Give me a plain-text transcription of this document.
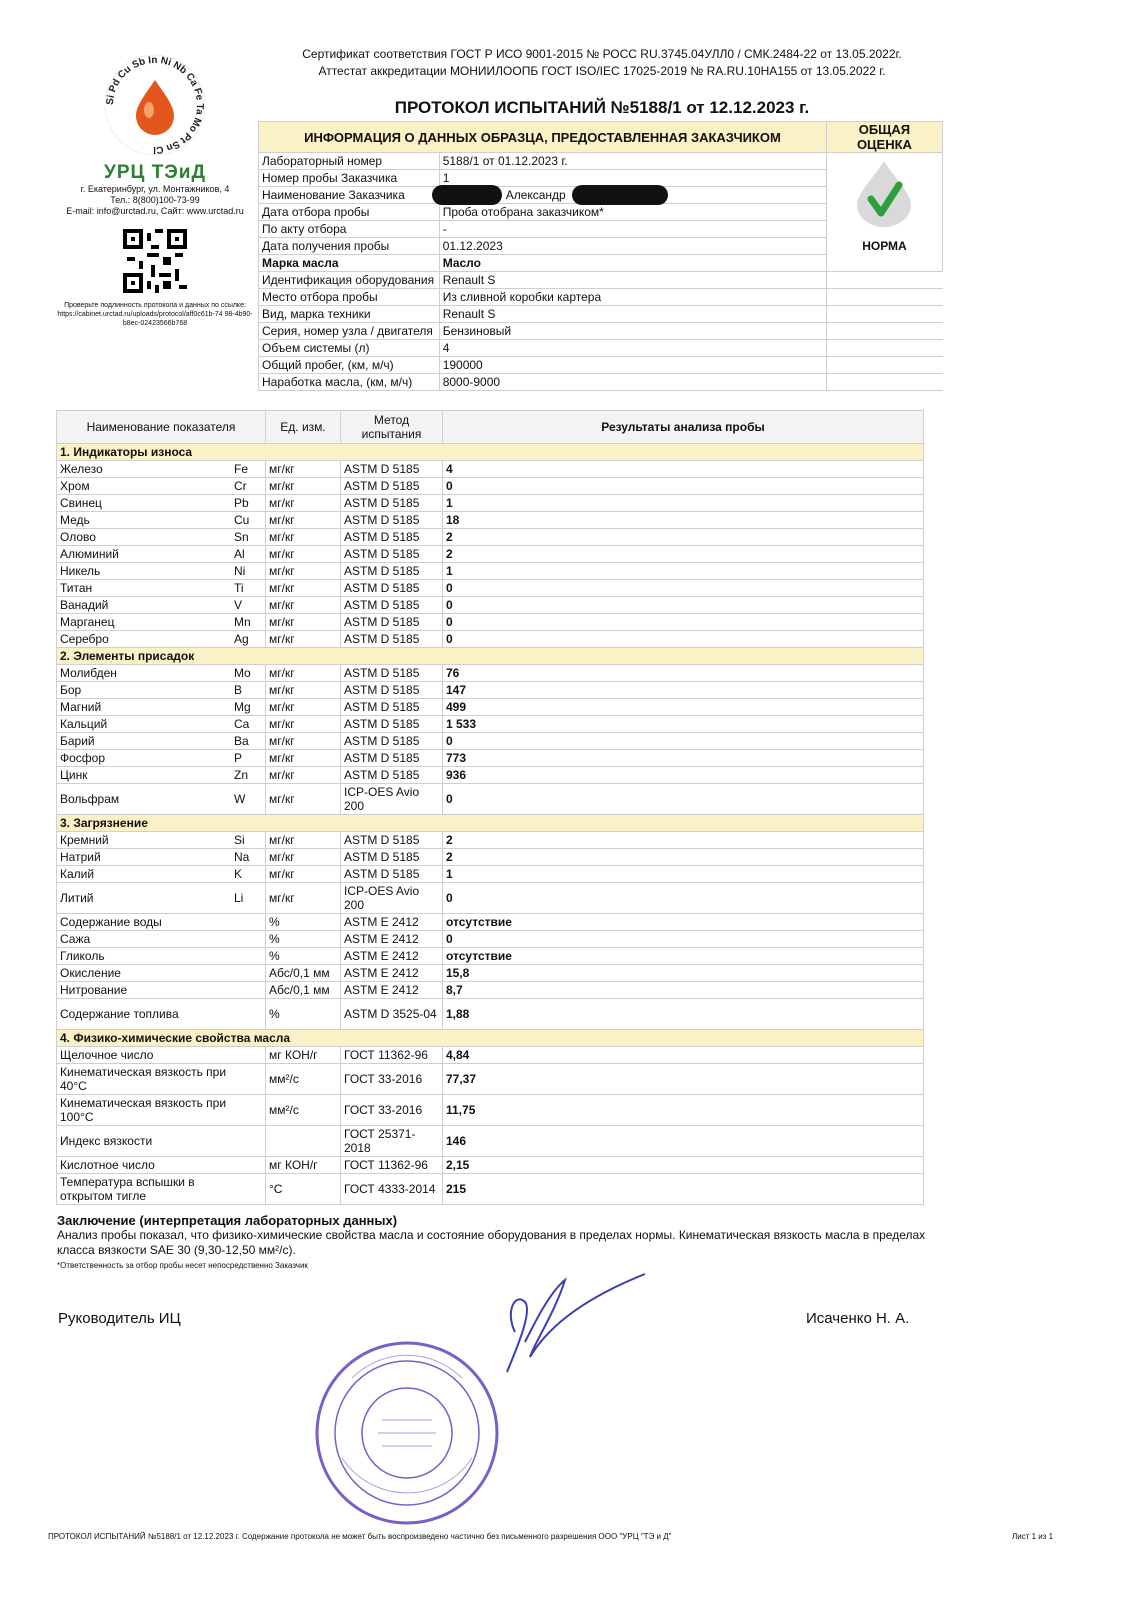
Si Pd Cu Sb In Ni Nb Ca Fe Ta Mo Pt Sn Cl
УРЦ ТЭиД
г. Екатеринбург, ул. Монтажников, 4
Тел.: 8(800)100-73-99
E-mail: info@urctad.ru, Сайт: www.urctad.ru
Проверьте подлинность протокола и данных по ссылке:
https://cabinet.urctad.ru/uploads/protocol/aff0c61b-74 98-4b90-b8ec-02423566b768
Сертификат соответствия ГОСТ Р ИСО 9001-2015 № РОСС RU.3745.04УЛЛ0 / СМК.2484-22 от 13.05.2022г.
Аттестат аккредитации МОНИИЛООПБ ГОСТ ISO/IEC 17025-2019 № RA.RU.10НА155 от 13.05.2022 г.
ПРОТОКОЛ ИСПЫТАНИЙ №5188/1 от 12.12.2023 г.
ИНФОРМАЦИЯ О ДАННЫХ ОБРАЗЦА, ПРЕДОСТАВЛЕННАЯ ЗАКАЗЧИКОМ		ОБЩАЯ ОЦЕНКА
Лабораторный номер	5188/1 от 01.12.2023 г.	НОРМА

Номер пробы Заказчика	1	
Наименование Заказчика	Александр	

Дата отбора пробы	Проба отобрана заказчиком*	
По акту отбора	-	
Дата получения пробы	01.12.2023	
Марка масла	Масло	
Идентификация оборудования	Renault S	
Место отбора пробы	Из сливной коробки картера	
Вид, марка техники	Renault S	
Серия, номер узла / двигателя	Бензиновый	
Объем системы (л)	4	
Общий пробег, (км, м/ч)	190000	
Наработка масла, (км, м/ч)	8000-9000	
Наименование показателя		Ед. изм.	Метод испытания	Результаты анализа пробы
1. Индикаторы износа				
Железо	Fe	мг/кг	ASTM D 5185	4
Хром	Cr	мг/кг	ASTM D 5185	0
Свинец	Pb	мг/кг	ASTM D 5185	1
Медь	Cu	мг/кг	ASTM D 5185	18
Олово	Sn	мг/кг	ASTM D 5185	2
Алюминий	Al	мг/кг	ASTM D 5185	2
Никель	Ni	мг/кг	ASTM D 5185	1
Титан	Ti	мг/кг	ASTM D 5185	0
Ванадий	V	мг/кг	ASTM D 5185	0
Марганец	Mn	мг/кг	ASTM D 5185	0
Серебро	Ag	мг/кг	ASTM D 5185	0
2. Элементы присадок				
Молибден	Mo	мг/кг	ASTM D 5185	76
Бор	B	мг/кг	ASTM D 5185	147
Магний	Mg	мг/кг	ASTM D 5185	499
Кальций	Ca	мг/кг	ASTM D 5185	1 533
Барий	Ba	мг/кг	ASTM D 5185	0
Фосфор	P	мг/кг	ASTM D 5185	773
Цинк	Zn	мг/кг	ASTM D 5185	936
Вольфрам	W	мг/кг	ICP-OES Avio 200	0
3. Загрязнение				
Кремний	Si	мг/кг	ASTM D 5185	2
Натрий	Na	мг/кг	ASTM D 5185	2
Калий	K	мг/кг	ASTM D 5185	1
Литий	Li	мг/кг	ICP-OES Avio 200	0
Содержание воды		%	ASTM E 2412	отсутствие
Сажа		%	ASTM E 2412	0
Гликоль		%	ASTM E 2412	отсутствие
Окисление		Абс/0,1 мм	ASTM E 2412	15,8
Нитрование		Абс/0,1 мм	ASTM E 2412	8,7
Содержание топлива		%	ASTM D 3525-04	1,88
4. Физико-химические свойства масла				
Щелочное число		мг КОН/г	ГОСТ 11362-96	4,84
Кинематическая вязкость при 40°С		мм²/с	ГОСТ 33-2016	77,37
Кинематическая вязкость при 100°С		мм²/с	ГОСТ 33-2016	11,75
Индекс вязкости			ГОСТ 25371-2018	146
Кислотное число		мг КОН/г	ГОСТ 11362-96	2,15
Температура вспышки в открытом тигле		°С	ГОСТ 4333-2014	215
Заключение (интерпретация лабораторных данных)
Анализ пробы показал, что физико-химические свойства масла и состояние оборудования в пределах нормы. Кинематическая вязкость масла в пределах класса вязкости SAE 30 (9,30-12,50 мм²/с).
*Ответственность за отбор пробы несет непосредственно Заказчик
Руководитель ИЦ	Исаченко Н. А.
ПРОТОКОЛ ИСПЫТАНИЙ №5188/1 от 12.12.2023 г. Содержание протокола не может быть воспроизведено частично без письменного разрешения ООО "УРЦ "ТЭ и Д"	Лист 1 из 1
